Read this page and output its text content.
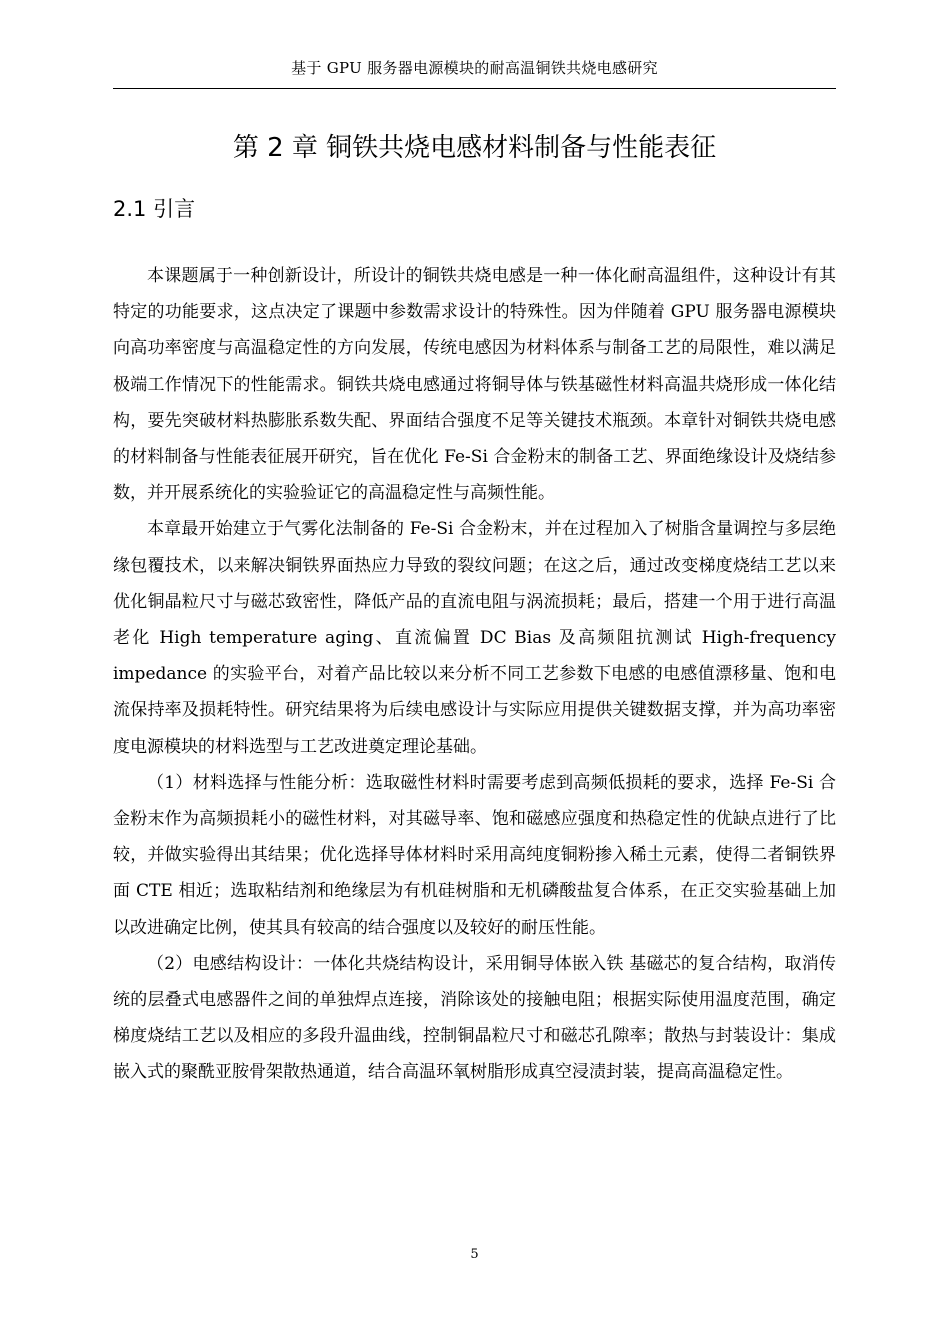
基于 GPU 服务器电源模块的耐高温铜铁共烧电感研究
第 2 章 铜铁共烧电感材料制备与性能表征
2.1 引言

本课题属于一种创新设计，所设计的铜铁共烧电感是一种一体化耐高温组件，这种设计有其特定的功能要求，这点决定了课题中参数需求设计的特殊性。因为伴随着 GPU 服务器电源模块向高功率密度与高温稳定性的方向发展，传统电感因为材料体系与制备工艺的局限性，难以满足极端工作情况下的性能需求。铜铁共烧电感通过将铜导体与铁基磁性材料高温共烧形成一体化结构，要先突破材料热膨胀系数失配、界面结合强度不足等关键技术瓶颈。本章针对铜铁共烧电感的材料制备与性能表征展开研究，旨在优化 Fe-Si 合金粉末的制备工艺、界面绝缘设计及烧结参数，并开展系统化的实验验证它的高温稳定性与高频性能。

本章最开始建立于气雾化法制备的 Fe-Si 合金粉末，并在过程加入了树脂含量调控与多层绝缘包覆技术，以来解决铜铁界面热应力导致的裂纹问题；在这之后，通过改变梯度烧结工艺以来优化铜晶粒尺寸与磁芯致密性，降低产品的直流电阻与涡流损耗；最后，搭建一个用于进行高温老化 High temperature aging、直流偏置 DC Bias 及高频阻抗测试 High-frequency impedance 的实验平台，对着产品比较以来分析不同工艺参数下电感的电感值漂移量、饱和电流保持率及损耗特性。研究结果将为后续电感设计与实际应用提供关键数据支撑，并为高功率密度电源模块的材料选型与工艺改进奠定理论基础。

（1）材料选择与性能分析：选取磁性材料时需要考虑到高频低损耗的要求，选择 Fe-Si 合金粉末作为高频损耗小的磁性材料，对其磁导率、饱和磁感应强度和热稳定性的优缺点进行了比较，并做实验得出其结果；优化选择导体材料时采用高纯度铜粉掺入稀土元素，使得二者铜铁界面 CTE 相近；选取粘结剂和绝缘层为有机硅树脂和无机磷酸盐复合体系，在正交实验基础上加以改进确定比例，使其具有较高的结合强度以及较好的耐压性能。

（2）电感结构设计：一体化共烧结构设计，采用铜导体嵌入铁 基磁芯的复合结构，取消传统的层叠式电感器件之间的单独焊点连接，消除该处的接触电阻；根据实际使用温度范围，确定梯度烧结工艺以及相应的多段升温曲线，控制铜晶粒尺寸和磁芯孔隙率；散热与封装设计：集成嵌入式的聚酰亚胺骨架散热通道，结合高温环氧树脂形成真空浸渍封装，提高高温稳定性。

5
